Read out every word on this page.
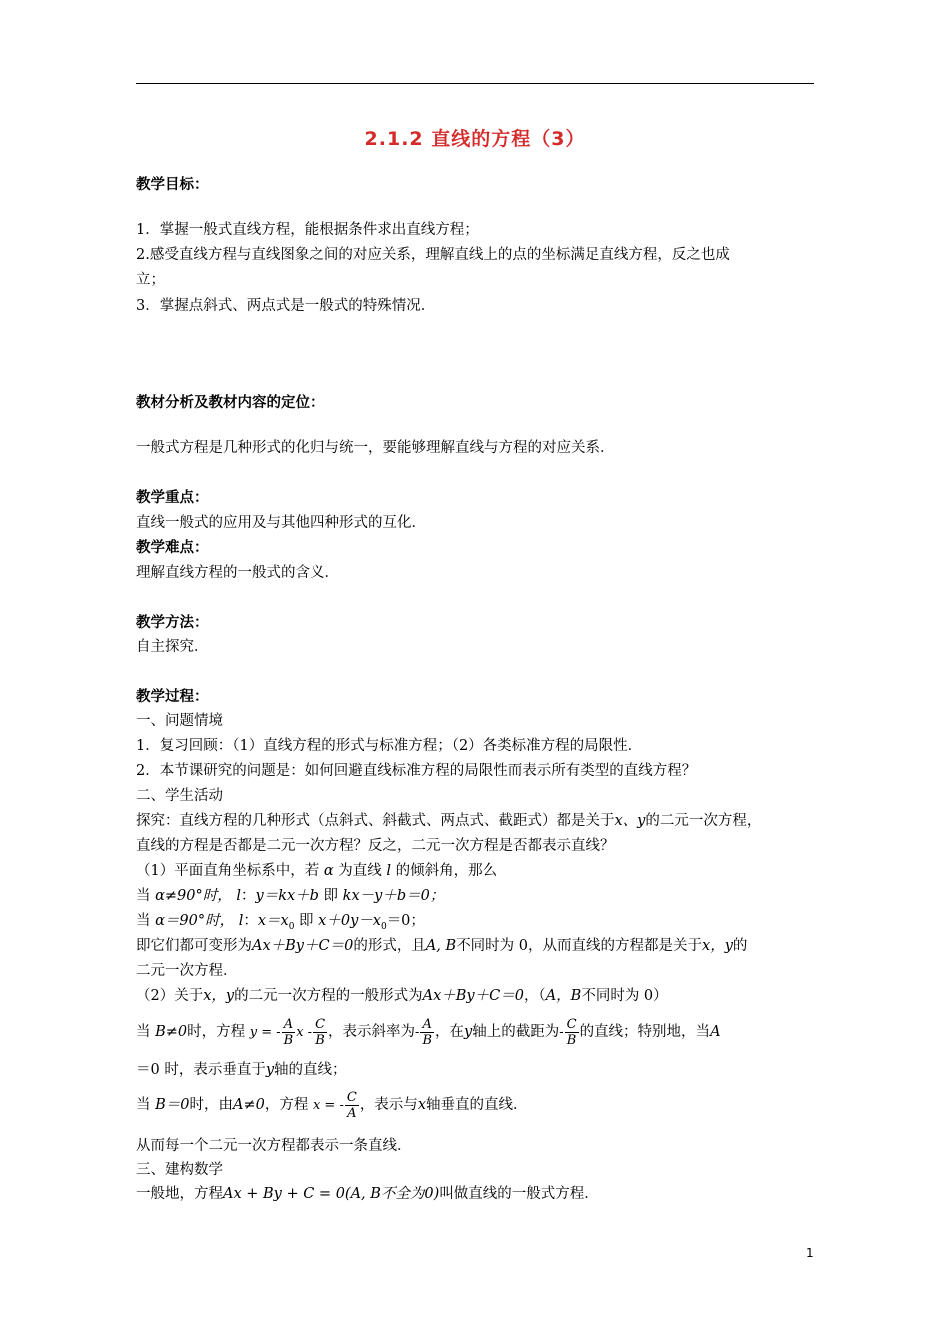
2.1.2 直线的方程（3）
教学目标：
1．掌握一般式直线方程，能根据条件求出直线方程；
2.感受直线方程与直线图象之间的对应关系，理解直线上的点的坐标满足直线方程，反之也成
立；
3．掌握点斜式、两点式是一般式的特殊情况．
教材分析及教材内容的定位：
一般式方程是几种形式的化归与统一，要能够理解直线与方程的对应关系．
教学重点：
直线一般式的应用及与其他四种形式的互化．
教学难点：
理解直线方程的一般式的含义．
教学方法：
自主探究．
教学过程：
一、问题情境
1．复习回顾：（1）直线方程的形式与标准方程；（2）各类标准方程的局限性．
2．本节课研究的问题是：如何回避直线标准方程的局限性而表示所有类型的直线方程？
二、学生活动
探究：直线方程的几种形式（点斜式、斜截式、两点式、截距式）都是关于x、y的二元一次方程，
直线的方程是否都是二元一次方程？反之，二元一次方程是否都表示直线？
（1）平面直角坐标系中，若 α 为直线 l 的倾斜角，那么
当 α≠90°时， l：y＝kx＋b 即 kx－y＋b＝0；
当 α＝90°时， l：$x=x_0$ 即 $x+0y-x_0=0$；
即它们都可变形为Ax＋By＋C＝0的形式，且A, B不同时为 0，从而直线的方程都是关于x，y的
二元一次方程．
（2）关于x，y的二元一次方程的一般形式为Ax＋By＋C＝0，（A，B不同时为 0）
当 B≠0时，方程 y = - $\frac{A}{B}$ x - $\frac{C}{B}$ ，表示斜率为- $\frac{A}{B}$ ，在y轴上的截距为- $\frac{C}{B}$ 的直线；特别地，当A
＝0 时，表示垂直于y轴的直线；
当 B＝0时，由A≠0，方程 x = - $\frac{C}{A}$ ，表示与x轴垂直的直线．
从而每一个二元一次方程都表示一条直线．
三、建构数学
一般地，方程Ax + By + C = 0(A, B不全为0)叫做直线的一般式方程．
1
